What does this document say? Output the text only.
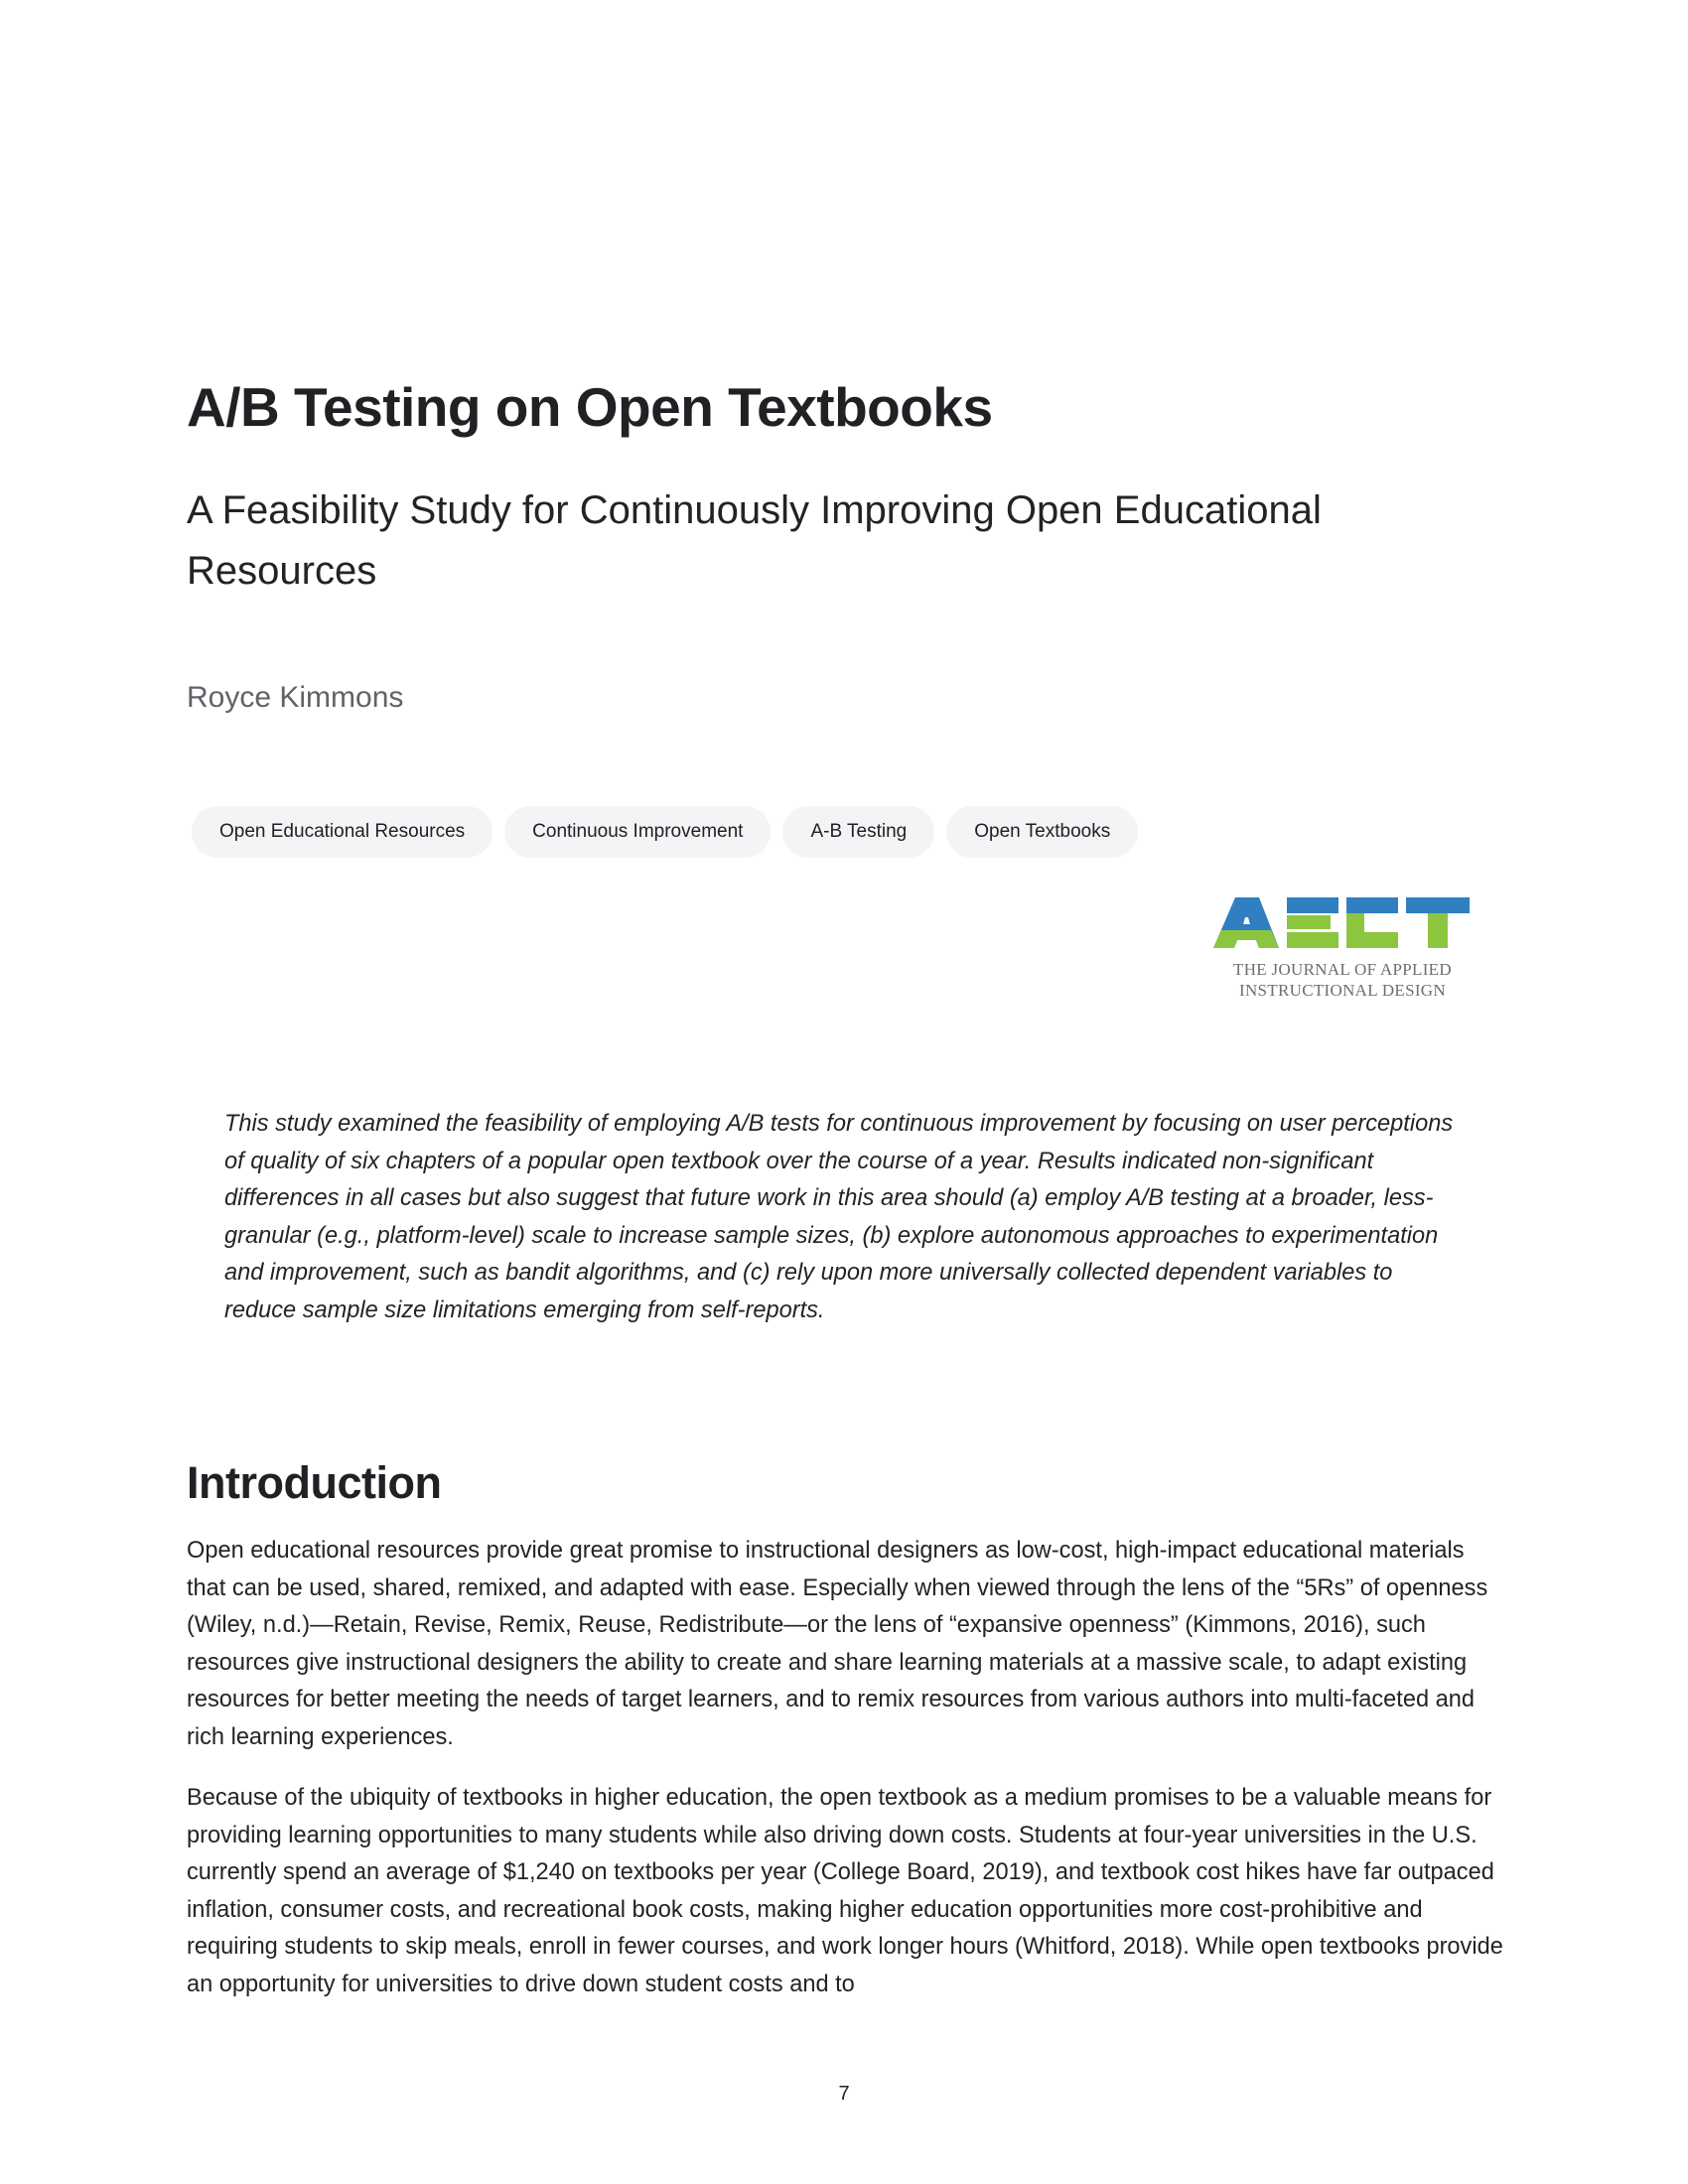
A/B Testing on Open Textbooks
A Feasibility Study for Continuously Improving Open Educational Resources

Royce Kimmons

Open Educational Resources	Continuous Improvement	A-B Testing	Open Textbooks
THE JOURNAL OF APPLIED
INSTRUCTIONAL DESIGN

This study examined the feasibility of employing A/B tests for continuous improvement by focusing on user perceptions of quality of six chapters of a popular open textbook over the course of a year. Results indicated non-significant differences in all cases but also suggest that future work in this area should (a) employ A/B testing at a broader, less-granular (e.g., platform-level) scale to increase sample sizes, (b) explore autonomous approaches to experimentation and improvement, such as bandit algorithms, and (c) rely upon more universally collected dependent variables to reduce sample size limitations emerging from self-reports.

Introduction

Open educational resources provide great promise to instructional designers as low-cost, high-impact educational materials that can be used, shared, remixed, and adapted with ease. Especially when viewed through the lens of the “5Rs” of openness (Wiley, n.d.)—Retain, Revise, Remix, Reuse, Redistribute—or the lens of “expansive openness” (Kimmons, 2016), such resources give instructional designers the ability to create and share learning materials at a massive scale, to adapt existing resources for better meeting the needs of target learners, and to remix resources from various authors into multi-faceted and rich learning experiences.

Because of the ubiquity of textbooks in higher education, the open textbook as a medium promises to be a valuable means for providing learning opportunities to many students while also driving down costs. Students at four-year universities in the U.S. currently spend an average of $1,240 on textbooks per year (College Board, 2019), and textbook cost hikes have far outpaced inflation, consumer costs, and recreational book costs, making higher education opportunities more cost-prohibitive and requiring students to skip meals, enroll in fewer courses, and work longer hours (Whitford, 2018). While open textbooks provide an opportunity for universities to drive down student costs and to

7
